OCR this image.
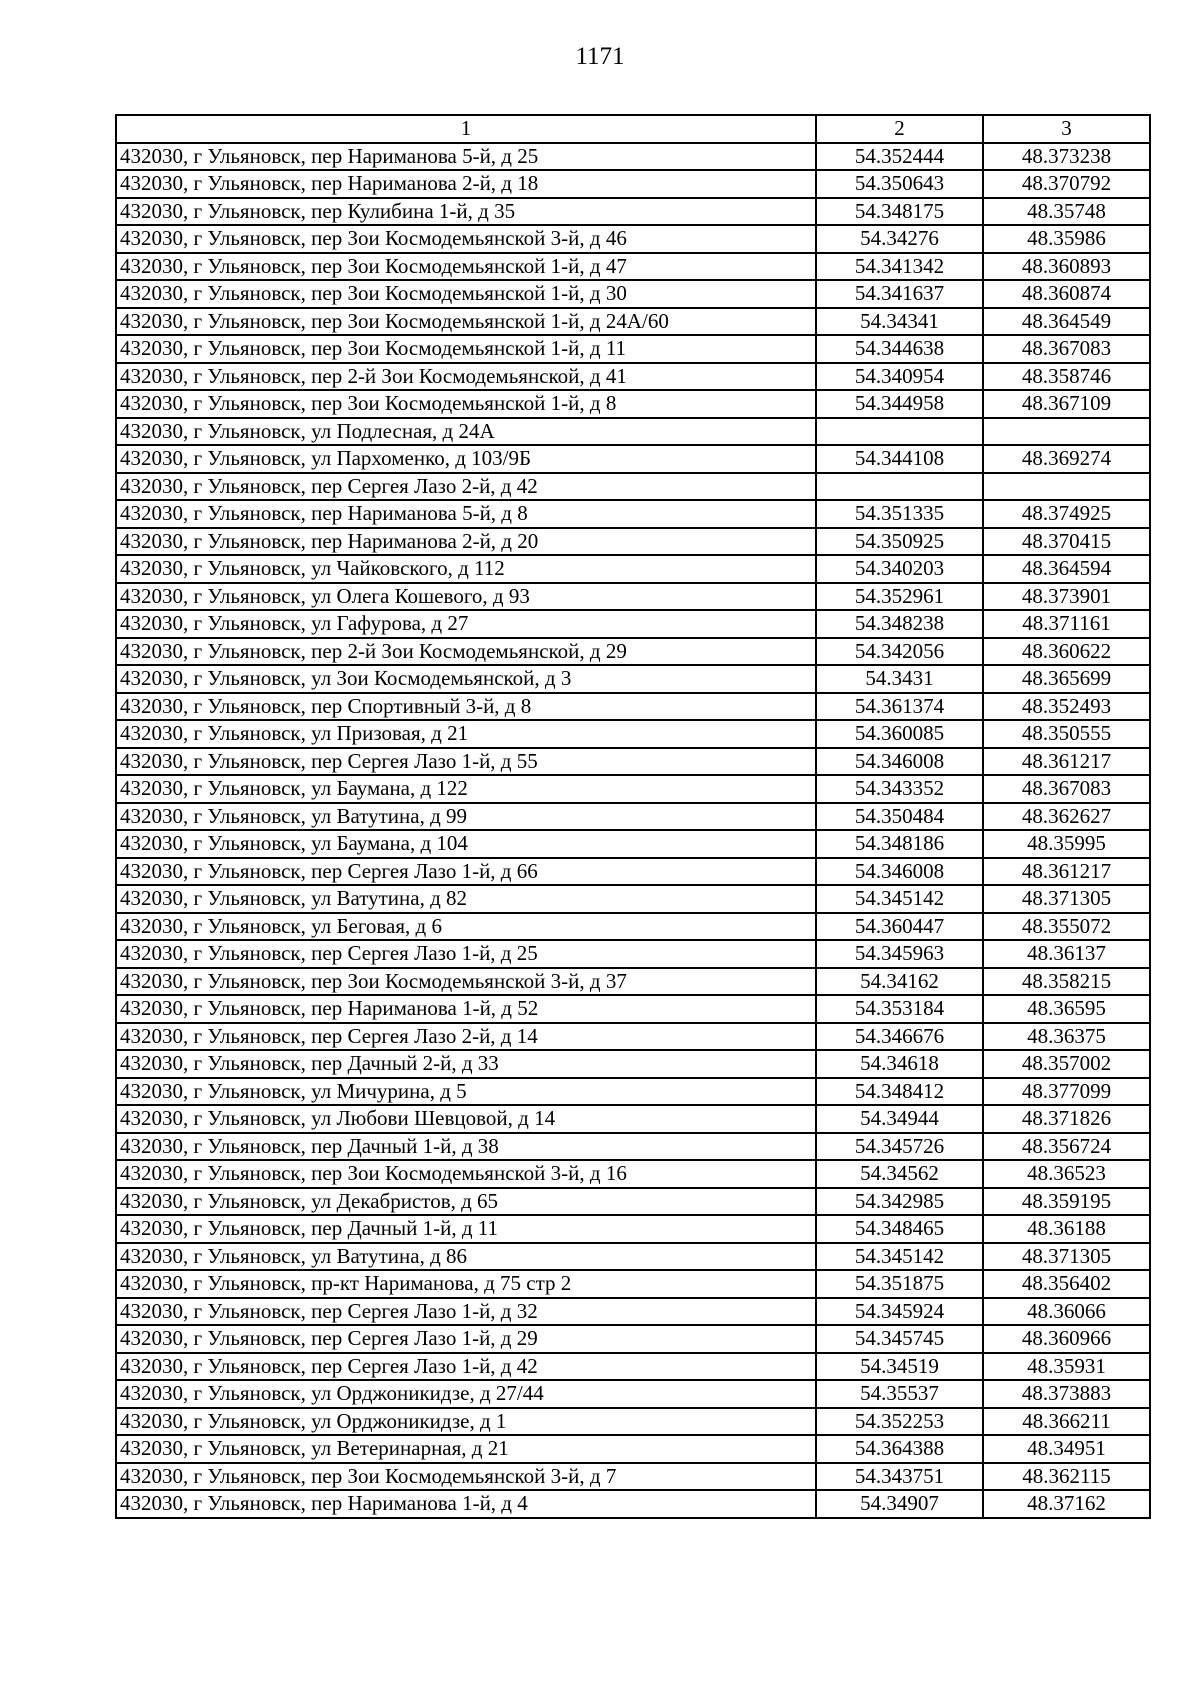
1171
1	2	3
432030, г Ульяновск, пер Нариманова 5-й, д 25	54.352444	48.373238
432030, г Ульяновск, пер Нариманова 2-й, д 18	54.350643	48.370792
432030, г Ульяновск, пер Кулибина 1-й, д 35	54.348175	48.35748
432030, г Ульяновск, пер Зои Космодемьянской 3-й, д 46	54.34276	48.35986
432030, г Ульяновск, пер Зои Космодемьянской 1-й, д 47	54.341342	48.360893
432030, г Ульяновск, пер Зои Космодемьянской 1-й, д 30	54.341637	48.360874
432030, г Ульяновск, пер Зои Космодемьянской 1-й, д 24А/60	54.34341	48.364549
432030, г Ульяновск, пер Зои Космодемьянской 1-й, д 11	54.344638	48.367083
432030, г Ульяновск, пер 2-й Зои Космодемьянской, д 41	54.340954	48.358746
432030, г Ульяновск, пер Зои Космодемьянской 1-й, д 8	54.344958	48.367109
432030, г Ульяновск, ул Подлесная, д 24А		
432030, г Ульяновск, ул Пархоменко, д 103/9Б	54.344108	48.369274
432030, г Ульяновск, пер Сергея Лазо 2-й, д 42		
432030, г Ульяновск, пер Нариманова 5-й, д 8	54.351335	48.374925
432030, г Ульяновск, пер Нариманова 2-й, д 20	54.350925	48.370415
432030, г Ульяновск, ул Чайковского, д 112	54.340203	48.364594
432030, г Ульяновск, ул Олега Кошевого, д 93	54.352961	48.373901
432030, г Ульяновск, ул Гафурова, д 27	54.348238	48.371161
432030, г Ульяновск, пер 2-й Зои Космодемьянской, д 29	54.342056	48.360622
432030, г Ульяновск, ул Зои Космодемьянской, д 3	54.3431	48.365699
432030, г Ульяновск, пер Спортивный 3-й, д 8	54.361374	48.352493
432030, г Ульяновск, ул Призовая, д 21	54.360085	48.350555
432030, г Ульяновск, пер Сергея Лазо 1-й, д 55	54.346008	48.361217
432030, г Ульяновск, ул Баумана, д 122	54.343352	48.367083
432030, г Ульяновск, ул Ватутина, д 99	54.350484	48.362627
432030, г Ульяновск, ул Баумана, д 104	54.348186	48.35995
432030, г Ульяновск, пер Сергея Лазо 1-й, д 66	54.346008	48.361217
432030, г Ульяновск, ул Ватутина, д 82	54.345142	48.371305
432030, г Ульяновск, ул Беговая, д 6	54.360447	48.355072
432030, г Ульяновск, пер Сергея Лазо 1-й, д 25	54.345963	48.36137
432030, г Ульяновск, пер Зои Космодемьянской 3-й, д 37	54.34162	48.358215
432030, г Ульяновск, пер Нариманова 1-й, д 52	54.353184	48.36595
432030, г Ульяновск, пер Сергея Лазо 2-й, д 14	54.346676	48.36375
432030, г Ульяновск, пер Дачный 2-й, д 33	54.34618	48.357002
432030, г Ульяновск, ул Мичурина, д 5	54.348412	48.377099
432030, г Ульяновск, ул Любови Шевцовой, д 14	54.34944	48.371826
432030, г Ульяновск, пер Дачный 1-й, д 38	54.345726	48.356724
432030, г Ульяновск, пер Зои Космодемьянской 3-й, д 16	54.34562	48.36523
432030, г Ульяновск, ул Декабристов, д 65	54.342985	48.359195
432030, г Ульяновск, пер Дачный 1-й, д 11	54.348465	48.36188
432030, г Ульяновск, ул Ватутина, д 86	54.345142	48.371305
432030, г Ульяновск, пр-кт Нариманова, д 75 стр 2	54.351875	48.356402
432030, г Ульяновск, пер Сергея Лазо 1-й, д 32	54.345924	48.36066
432030, г Ульяновск, пер Сергея Лазо 1-й, д 29	54.345745	48.360966
432030, г Ульяновск, пер Сергея Лазо 1-й, д 42	54.34519	48.35931
432030, г Ульяновск, ул Орджоникидзе, д 27/44	54.35537	48.373883
432030, г Ульяновск, ул Орджоникидзе, д 1	54.352253	48.366211
432030, г Ульяновск, ул Ветеринарная, д 21	54.364388	48.34951
432030, г Ульяновск, пер Зои Космодемьянской 3-й, д 7	54.343751	48.362115
432030, г Ульяновск, пер Нариманова 1-й, д 4	54.34907	48.37162
